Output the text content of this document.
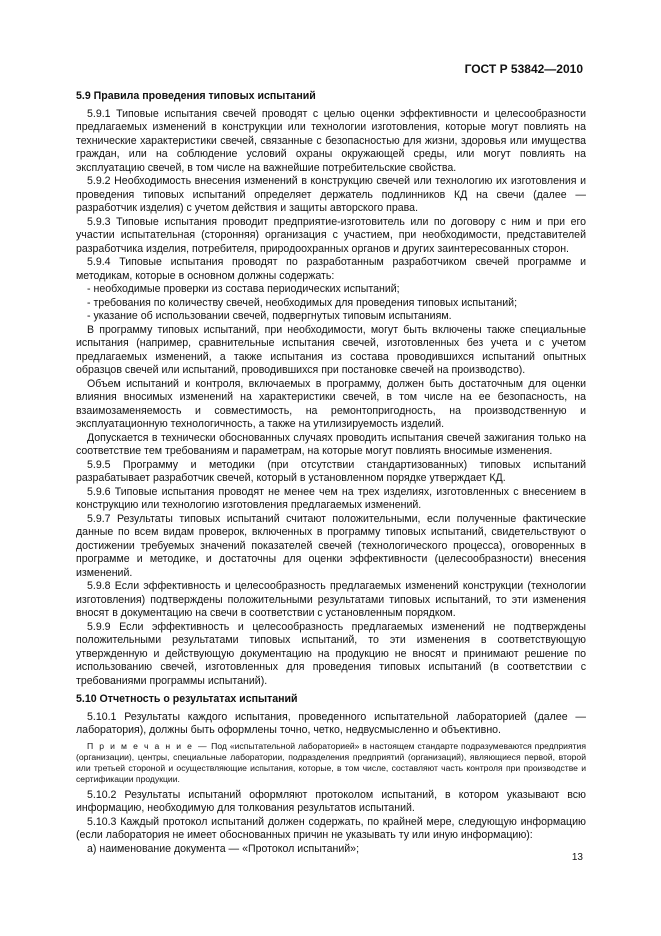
ГОСТ Р 53842—2010

5.9 Правила проведения типовых испытаний

5.9.1 Типовые испытания свечей проводят с целью оценки эффективности и целесообразности предлагаемых изменений в конструкции или технологии изготовления, которые могут повлиять на технические характеристики свечей, связанные с безопасностью для жизни, здоровья или имущества граждан, или на соблюдение условий охраны окружающей среды, или могут повлиять на эксплуатацию свечей, в том числе на важнейшие потребительские свойства.

5.9.2 Необходимость внесения изменений в конструкцию свечей или технологию их изготовления и проведения типовых испытаний определяет держатель подлинников КД на свечи (далее — разработчик изделия) с учетом действия и защиты авторского права.

5.9.3 Типовые испытания проводит предприятие-изготовитель или по договору с ним и при его участии испытательная (сторонняя) организация с участием, при необходимости, представителей разработчика изделия, потребителя, природоохранных органов и других заинтересованных сторон.

5.9.4 Типовые испытания проводят по разработанным разработчиком свечей программе и методикам, которые в основном должны содержать:

- необходимые проверки из состава периодических испытаний;

- требования по количеству свечей, необходимых для проведения типовых испытаний;

- указание об использовании свечей, подвергнутых типовым испытаниям.

В программу типовых испытаний, при необходимости, могут быть включены также специальные испытания (например, сравнительные испытания свечей, изготовленных без учета и с учетом предлагаемых изменений, а также испытания из состава проводившихся испытаний опытных образцов свечей или испытаний, проводившихся при постановке свечей на производство).

Объем испытаний и контроля, включаемых в программу, должен быть достаточным для оценки влияния вносимых изменений на характеристики свечей, в том числе на ее безопасность, на взаимозаменяемость и совместимость, на ремонтопригодность, на производственную и эксплуатационную технологичность, а также на утилизируемость изделий.

Допускается в технически обоснованных случаях проводить испытания свечей зажигания только на соответствие тем требованиям и параметрам, на которые могут повлиять вносимые изменения.

5.9.5 Программу и методики (при отсутствии стандартизованных) типовых испытаний разрабатывает разработчик свечей, который в установленном порядке утверждает КД.

5.9.6 Типовые испытания проводят не менее чем на трех изделиях, изготовленных с внесением в конструкцию или технологию изготовления предлагаемых изменений.

5.9.7 Результаты типовых испытаний считают положительными, если полученные фактические данные по всем видам проверок, включенных в программу типовых испытаний, свидетельствуют о достижении требуемых значений показателей свечей (технологического процесса), оговоренных в программе и методике, и достаточны для оценки эффективности (целесообразности) внесения изменений.

5.9.8 Если эффективность и целесообразность предлагаемых изменений конструкции (технологии изготовления) подтверждены положительными результатами типовых испытаний, то эти изменения вносят в документацию на свечи в соответствии с установленным порядком.

5.9.9 Если эффективность и целесообразность предлагаемых изменений не подтверждены положительными результатами типовых испытаний, то эти изменения в соответствующую утвержденную и действующую документацию на продукцию не вносят и принимают решение по использованию свечей, изготовленных для проведения типовых испытаний (в соответствии с требованиями программы испытаний).

5.10 Отчетность о результатах испытаний

5.10.1 Результаты каждого испытания, проведенного испытательной лабораторией (далее — лаборатория), должны быть оформлены точно, четко, недвусмысленно и объективно.

П р и м е ч а н и е — Под «испытательной лабораторией» в настоящем стандарте подразумеваются предприятия (организации), центры, специальные лаборатории, подразделения предприятий (организаций), являющиеся первой, второй или третьей стороной и осуществляющие испытания, которые, в том числе, составляют часть контроля при производстве и сертификации продукции.

5.10.2 Результаты испытаний оформляют протоколом испытаний, в котором указывают всю информацию, необходимую для толкования результатов испытаний.

5.10.3 Каждый протокол испытаний должен содержать, по крайней мере, следующую информацию (если лаборатория не имеет обоснованных причин не указывать ту или иную информацию):

а) наименование документа — «Протокол испытаний»;

13
